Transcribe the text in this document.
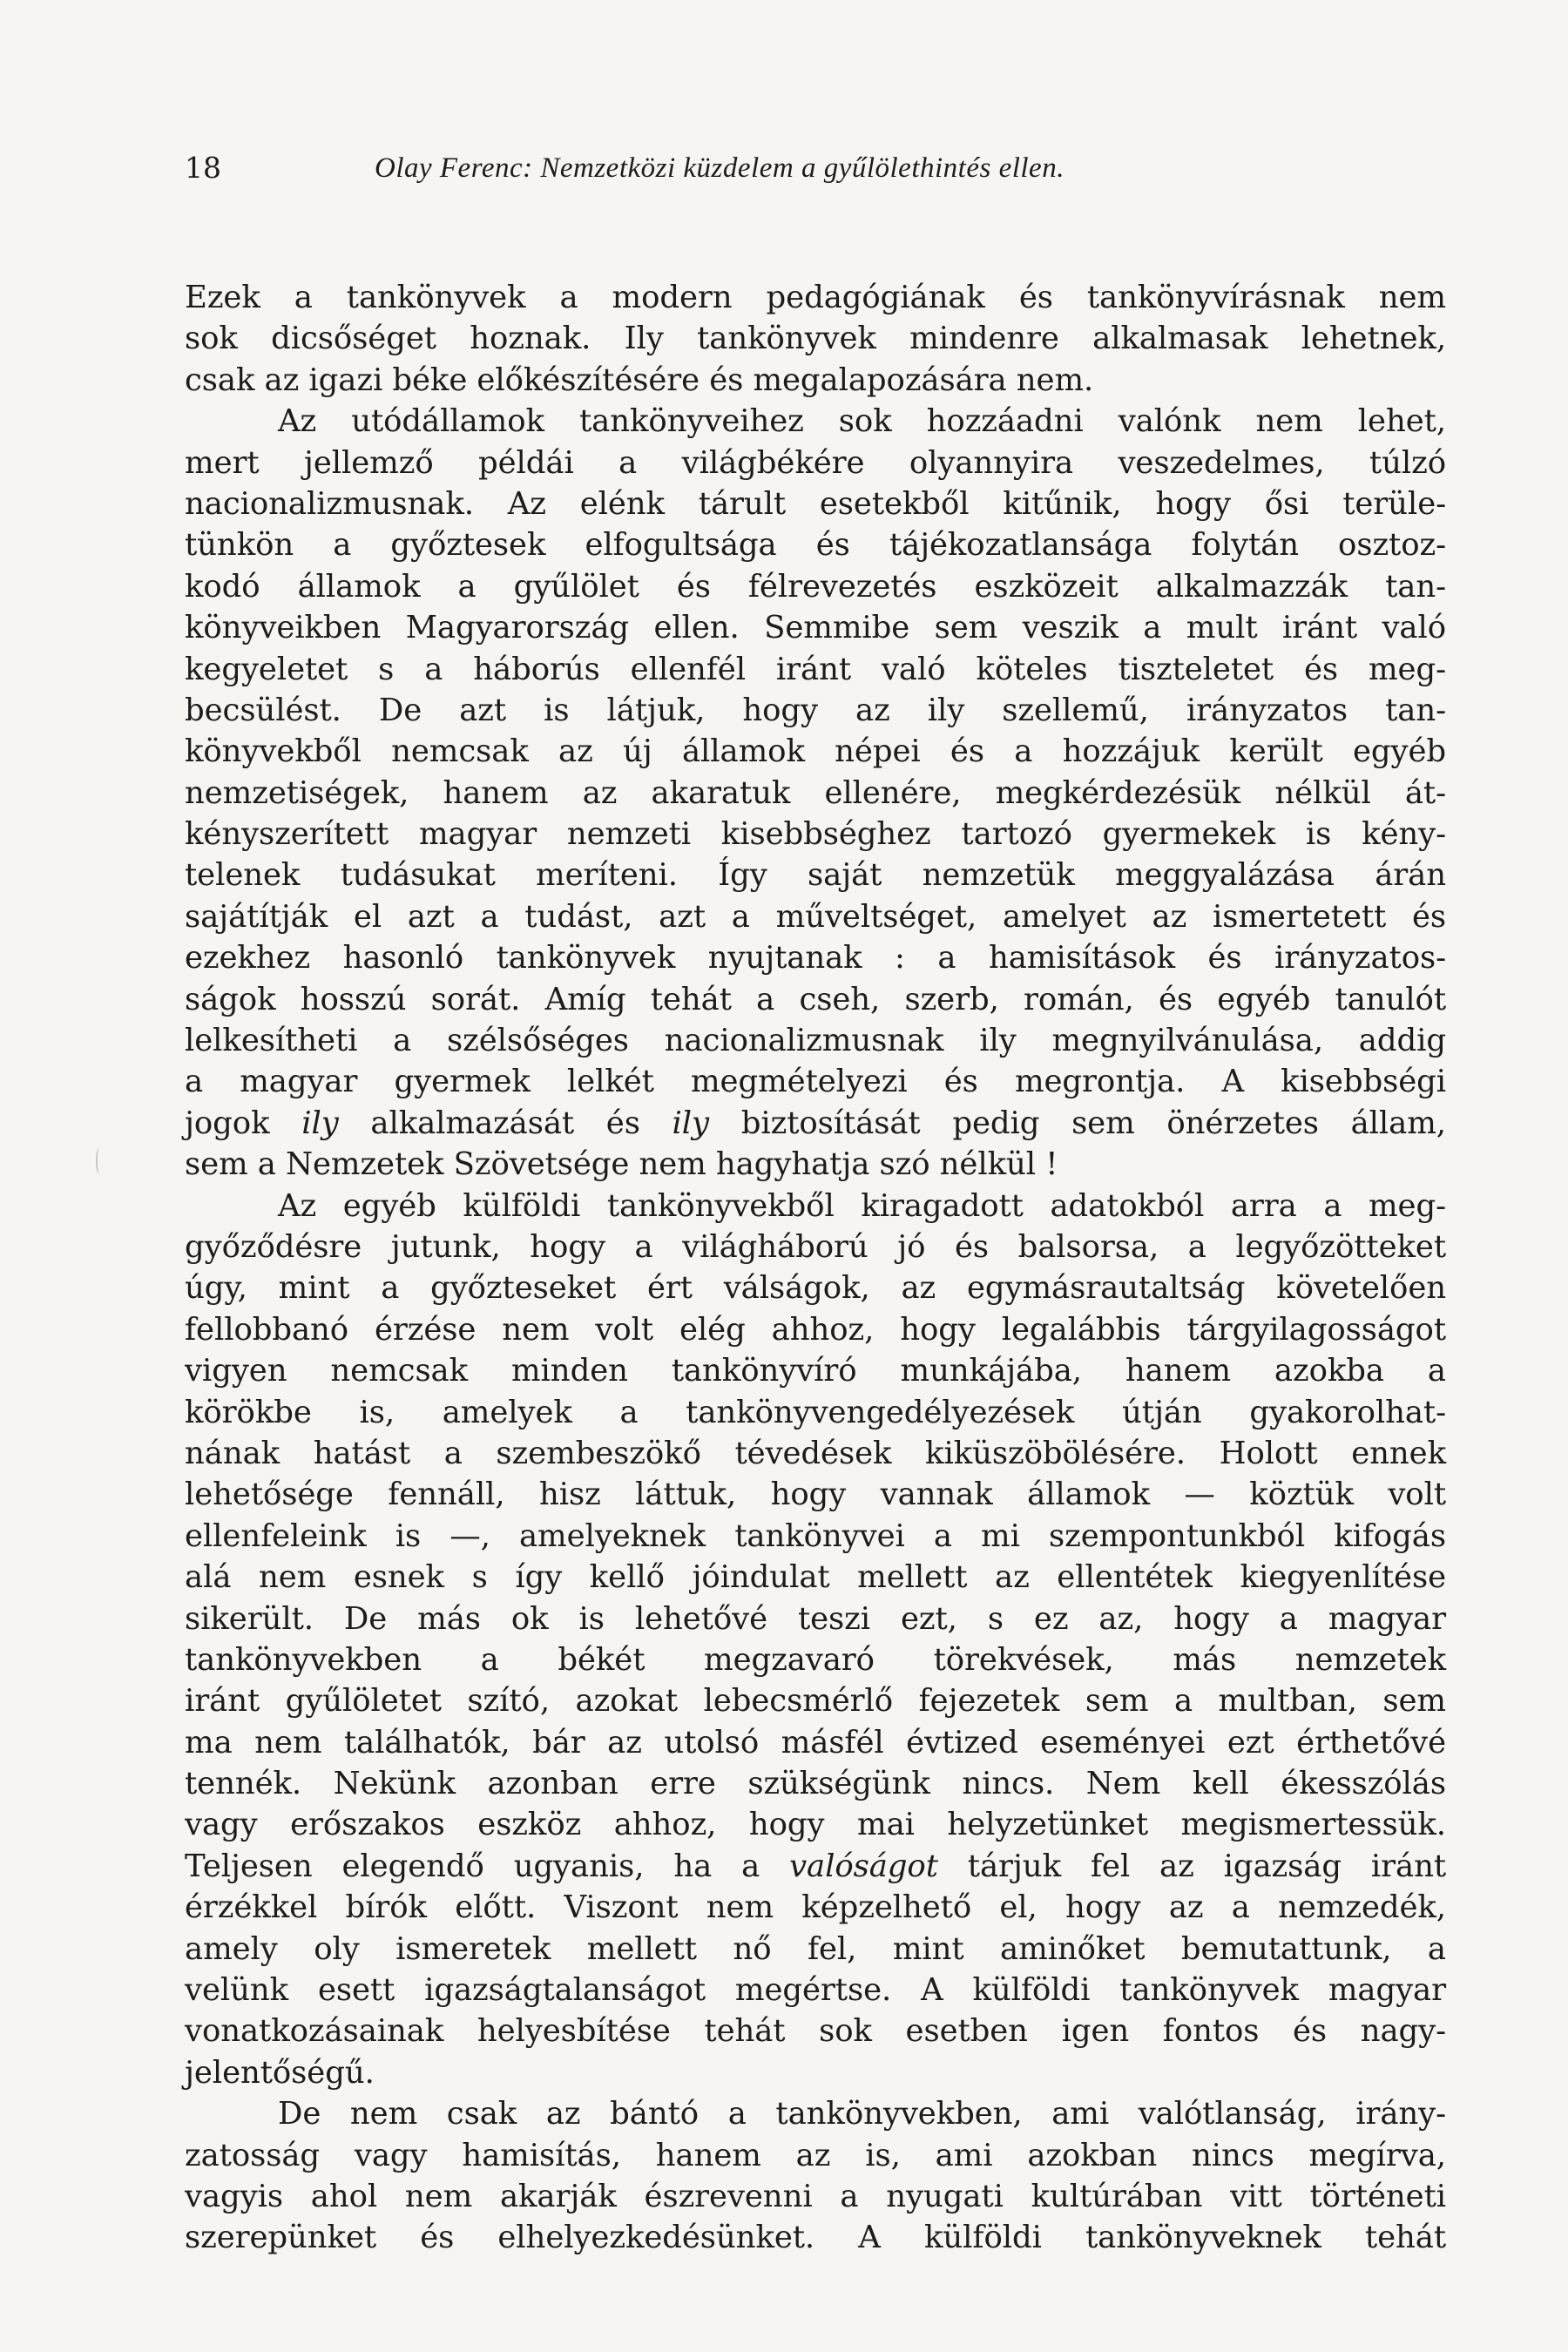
18	Olay Ferenc: Nemzetközi küzdelem a gyűlölethintés ellen.
Ezek a tankönyvek a modern pedagógiának és tankönyvírásnak nem
sok dicsőséget hoznak. Ily tankönyvek mindenre alkalmasak lehetnek,
csak az igazi béke előkészítésére és megalapozására nem.
Az utódállamok tankönyveihez sok hozzáadni valónk nem lehet,
mert jellemző példái a világbékére olyannyira veszedelmes, túlzó
nacionalizmusnak. Az elénk tárult esetekből kitűnik, hogy ősi terüle-
tünkön a győztesek elfogultsága és tájékozatlansága folytán osztoz-
kodó államok a gyűlölet és félrevezetés eszközeit alkalmazzák tan-
könyveikben Magyarország ellen. Semmibe sem veszik a mult iránt való
kegyeletet s a háborús ellenfél iránt való köteles tiszteletet és meg-
becsülést. De azt is látjuk, hogy az ily szellemű, irányzatos tan-
könyvekből nemcsak az új államok népei és a hozzájuk került egyéb
nemzetiségek, hanem az akaratuk ellenére, megkérdezésük nélkül át-
kényszerített magyar nemzeti kisebbséghez tartozó gyermekek is kény-
telenek tudásukat meríteni. Így saját nemzetük meggyalázása árán
sajátítják el azt a tudást, azt a műveltséget, amelyet az ismertetett és
ezekhez hasonló tankönyvek nyujtanak : a hamisítások és irányzatos-
ságok hosszú sorát. Amíg tehát a cseh, szerb, román, és egyéb tanulót
lelkesítheti a szélsőséges nacionalizmusnak ily megnyilvánulása, addig
a magyar gyermek lelkét megmételyezi és megrontja. A kisebbségi
jogok ily alkalmazását és ily biztosítását pedig sem önérzetes állam,
sem a Nemzetek Szövetsége nem hagyhatja szó nélkül !
Az egyéb külföldi tankönyvekből kiragadott adatokból arra a meg-
győződésre jutunk, hogy a világháború jó és balsorsa, a legyőzötteket
úgy, mint a győzteseket ért válságok, az egymásrautaltság követelően
fellobbanó érzése nem volt elég ahhoz, hogy legalábbis tárgyilagosságot
vigyen nemcsak minden tankönyvíró munkájába, hanem azokba a
körökbe is, amelyek a tankönyvengedélyezések útján gyakorolhat-
nának hatást a szembeszökő tévedések kiküszöbölésére. Holott ennek
lehetősége fennáll, hisz láttuk, hogy vannak államok — köztük volt
ellenfeleink is —, amelyeknek tankönyvei a mi szempontunkból kifogás
alá nem esnek s így kellő jóindulat mellett az ellentétek kiegyenlítése
sikerült. De más ok is lehetővé teszi ezt, s ez az, hogy a magyar
tankönyvekben a békét megzavaró törekvések, más nemzetek
iránt gyűlöletet szító, azokat lebecsmérlő fejezetek sem a multban, sem
ma nem találhatók, bár az utolsó másfél évtized eseményei ezt érthetővé
tennék. Nekünk azonban erre szükségünk nincs. Nem kell ékesszólás
vagy erőszakos eszköz ahhoz, hogy mai helyzetünket megismertessük.
Teljesen elegendő ugyanis, ha a valóságot tárjuk fel az igazság iránt
érzékkel bírók előtt. Viszont nem képzelhető el, hogy az a nemzedék,
amely oly ismeretek mellett nő fel, mint aminőket bemutattunk, a
velünk esett igazságtalanságot megértse. A külföldi tankönyvek magyar
vonatkozásainak helyesbítése tehát sok esetben igen fontos és nagy-
jelentőségű.
De nem csak az bántó a tankönyvekben, ami valótlanság, irány-
zatosság vagy hamisítás, hanem az is, ami azokban nincs megírva,
vagyis ahol nem akarják észrevenni a nyugati kultúrában vitt történeti
szerepünket és elhelyezkedésünket. A külföldi tankönyveknek tehát
